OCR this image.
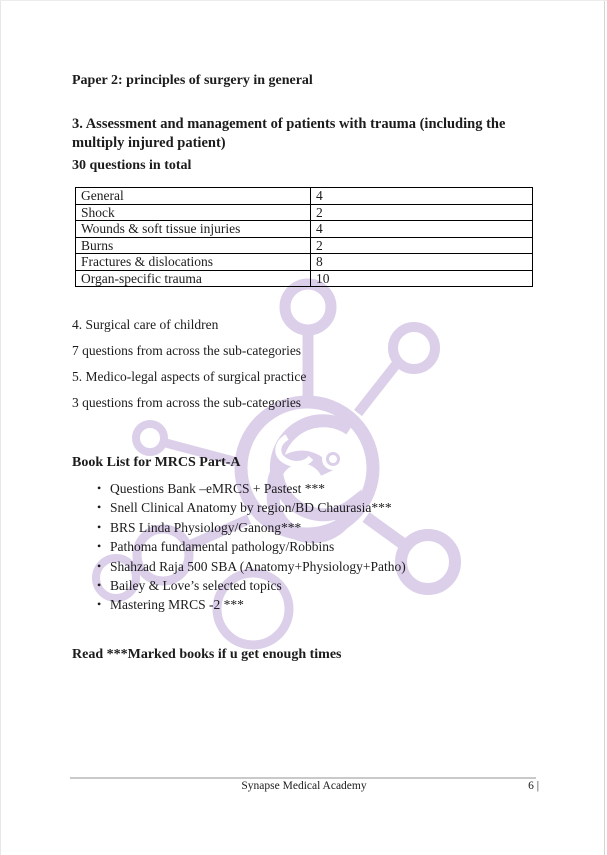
Paper 2: principles of surgery in general
3. Assessment and management of patients with trauma (including the multiply injured patient)
30 questions in total
General	4
Shock	2
Wounds & soft tissue injuries	4
Burns	2
Fractures & dislocations	8
Organ-specific trauma	10
4. Surgical care of children
7 questions from across the sub-categories
5. Medico-legal aspects of surgical practice
3 questions from across the sub-categories
Book List for MRCS Part-A
• Questions Bank –eMRCS + Pastest ***
• Snell Clinical Anatomy by region/BD Chaurasia***
• BRS Linda Physiology/Ganong***
• Pathoma fundamental pathology/Robbins
• Shahzad Raja 500 SBA (Anatomy+Physiology+Patho)
• Bailey & Love’s selected topics
• Mastering MRCS -2 ***
Read ***Marked books if u get enough times
Synapse Medical Academy	6 |
